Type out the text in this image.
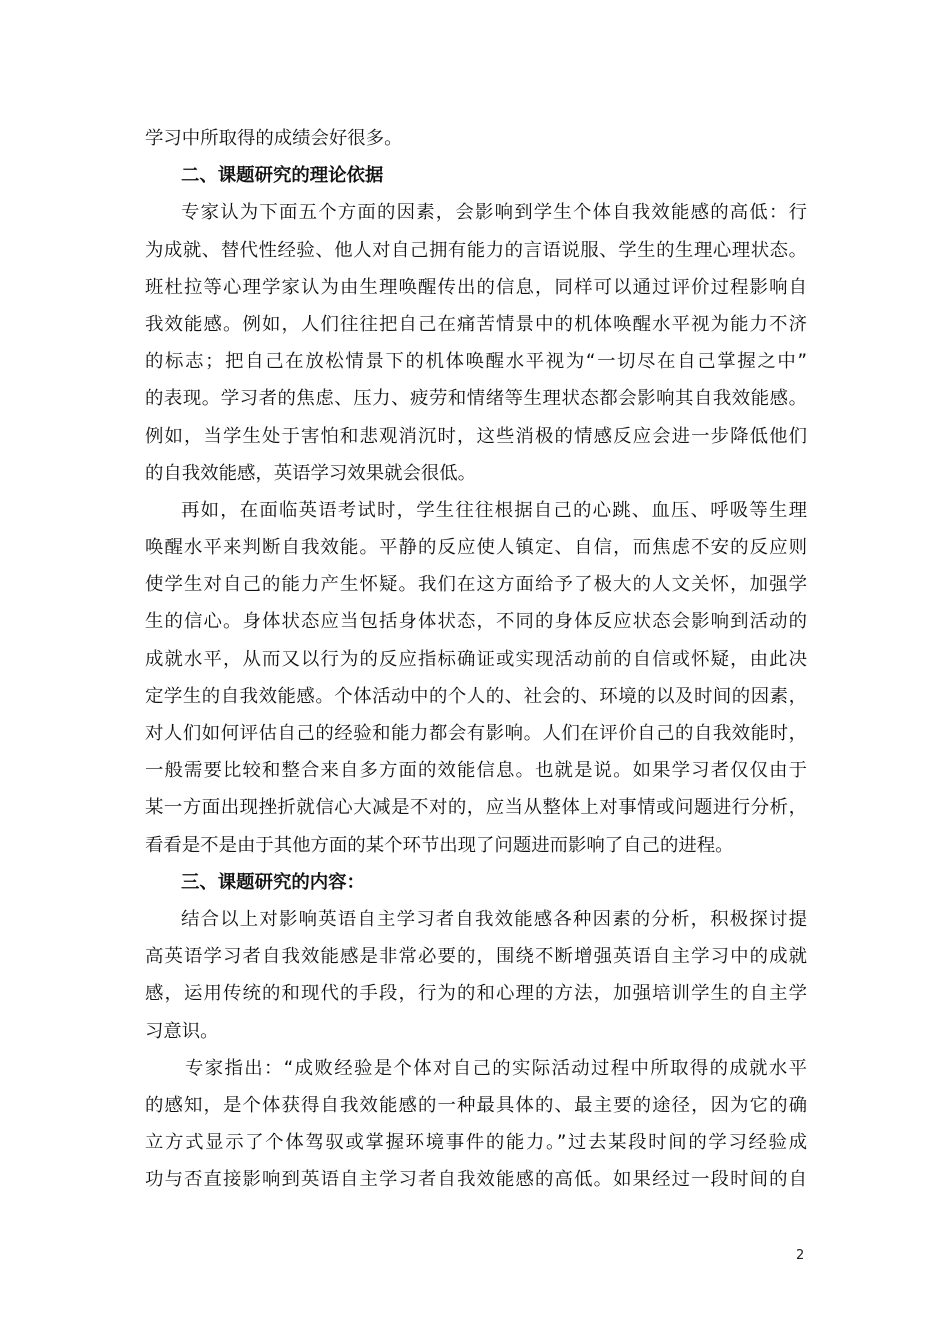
学习中所取得的成绩会好很多。
二、课题研究的理论依据
专家认为下面五个方面的因素，会影响到学生个体自我效能感的高低：行
为成就、替代性经验、他人对自己拥有能力的言语说服、学生的生理心理状态。
班杜拉等心理学家认为由生理唤醒传出的信息，同样可以通过评价过程影响自
我效能感。例如，人们往往把自己在痛苦情景中的机体唤醒水平视为能力不济
的标志；把自己在放松情景下的机体唤醒水平视为“一切尽在自己掌握之中”
的表现。学习者的焦虑、压力、疲劳和情绪等生理状态都会影响其自我效能感。
例如，当学生处于害怕和悲观消沉时，这些消极的情感反应会进一步降低他们
的自我效能感，英语学习效果就会很低。
再如，在面临英语考试时，学生往往根据自己的心跳、血压、呼吸等生理
唤醒水平来判断自我效能。平静的反应使人镇定、自信，而焦虑不安的反应则
使学生对自己的能力产生怀疑。我们在这方面给予了极大的人文关怀，加强学
生的信心。身体状态应当包括身体状态，不同的身体反应状态会影响到活动的
成就水平，从而又以行为的反应指标确证或实现活动前的自信或怀疑，由此决
定学生的自我效能感。个体活动中的个人的、社会的、环境的以及时间的因素，
对人们如何评估自己的经验和能力都会有影响。人们在评价自己的自我效能时，
一般需要比较和整合来自多方面的效能信息。也就是说。如果学习者仅仅由于
某一方面出现挫折就信心大减是不对的，应当从整体上对事情或问题进行分析，
看看是不是由于其他方面的某个环节出现了问题进而影响了自己的进程。
三、课题研究的内容：
结合以上对影响英语自主学习者自我效能感各种因素的分析，积极探讨提
高英语学习者自我效能感是非常必要的，围绕不断增强英语自主学习中的成就
感，运用传统的和现代的手段，行为的和心理的方法，加强培训学生的自主学
习意识。
专家指出：“成败经验是个体对自己的实际活动过程中所取得的成就水平
的感知，是个体获得自我效能感的一种最具体的、最主要的途径，因为它的确
立方式显示了个体驾驭或掌握环境事件的能力。”过去某段时间的学习经验成
功与否直接影响到英语自主学习者自我效能感的高低。如果经过一段时间的自
2
